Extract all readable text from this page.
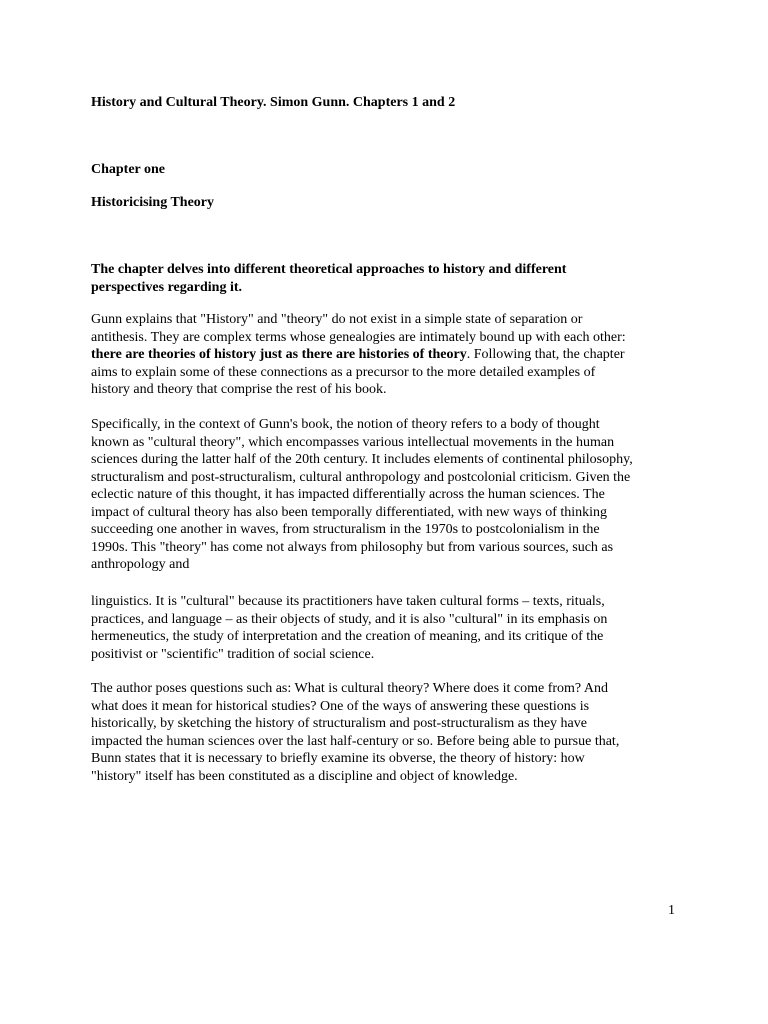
History and Cultural Theory. Simon Gunn. Chapters 1 and 2

Chapter one

Historicising Theory

The chapter delves into different theoretical approaches to history and different
perspectives regarding it.
Gunn explains that "History" and "theory" do not exist in a simple state of separation or
antithesis. They are complex terms whose genealogies are intimately bound up with each other:
there are theories of history just as there are histories of theory. Following that, the chapter
aims to explain some of these connections as a precursor to the more detailed examples of
history and theory that comprise the rest of his book.
Specifically, in the context of Gunn's book, the notion of theory refers to a body of thought
known as "cultural theory", which encompasses various intellectual movements in the human
sciences during the latter half of the 20th century. It includes elements of continental philosophy,
structuralism and post-structuralism, cultural anthropology and postcolonial criticism. Given the
eclectic nature of this thought, it has impacted differentially across the human sciences. The
impact of cultural theory has also been temporally differentiated, with new ways of thinking
succeeding one another in waves, from structuralism in the 1970s to postcolonialism in the
1990s. This "theory" has come not always from philosophy but from various sources, such as
anthropology and
linguistics. It is "cultural" because its practitioners have taken cultural forms – texts, rituals,
practices, and language – as their objects of study, and it is also "cultural" in its emphasis on
hermeneutics, the study of interpretation and the creation of meaning, and its critique of the
positivist or "scientific" tradition of social science.
The author poses questions such as: What is cultural theory? Where does it come from? And
what does it mean for historical studies? One of the ways of answering these questions is
historically, by sketching the history of structuralism and post-structuralism as they have
impacted the human sciences over the last half-century or so. Before being able to pursue that,
Bunn states that it is necessary to briefly examine its obverse, the theory of history: how
"history" itself has been constituted as a discipline and object of knowledge.

1
